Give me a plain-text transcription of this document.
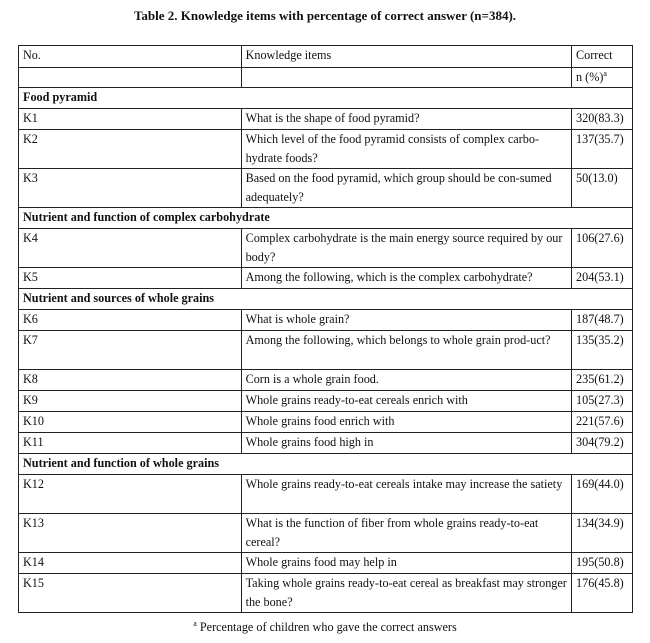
Table 2. Knowledge items with percentage of correct answer (n=384).
No.	Knowledge items	Correct
		n (%)$^a$
Food pyramid		
K1	What is the shape of food pyramid?	320(83.3)
K2	Which level of the food pyramid consists of complex carbo-hydrate foods?	137(35.7)
K3	Based on the food pyramid, which group should be con-sumed adequately?	50(13.0)
Nutrient and function of complex carbohydrate		
K4	Complex carbohydrate is the main energy source required by our body?	106(27.6)
K5	Among the following, which is the complex carbohydrate?	204(53.1)
Nutrient and sources of whole grains		
K6	What is whole grain?	187(48.7)
K7	Among the following, which belongs to whole grain prod-uct?	135(35.2)
K8	Corn is a whole grain food.	235(61.2)
K9	Whole grains ready-to-eat cereals enrich with	105(27.3)
K10	Whole grains food enrich with	221(57.6)
K11	Whole grains food high in	304(79.2)
Nutrient and function of whole grains		
K12	Whole grains ready-to-eat cereals intake may increase the satiety	169(44.0)
K13	What is the function of fiber from whole grains ready-to-eat cereal?	134(34.9)
K14	Whole grains food may help in	195(50.8)
K15	Taking whole grains ready-to-eat cereal as breakfast may stronger the bone?	176(45.8)
$^a$ Percentage of children who gave the correct answers
